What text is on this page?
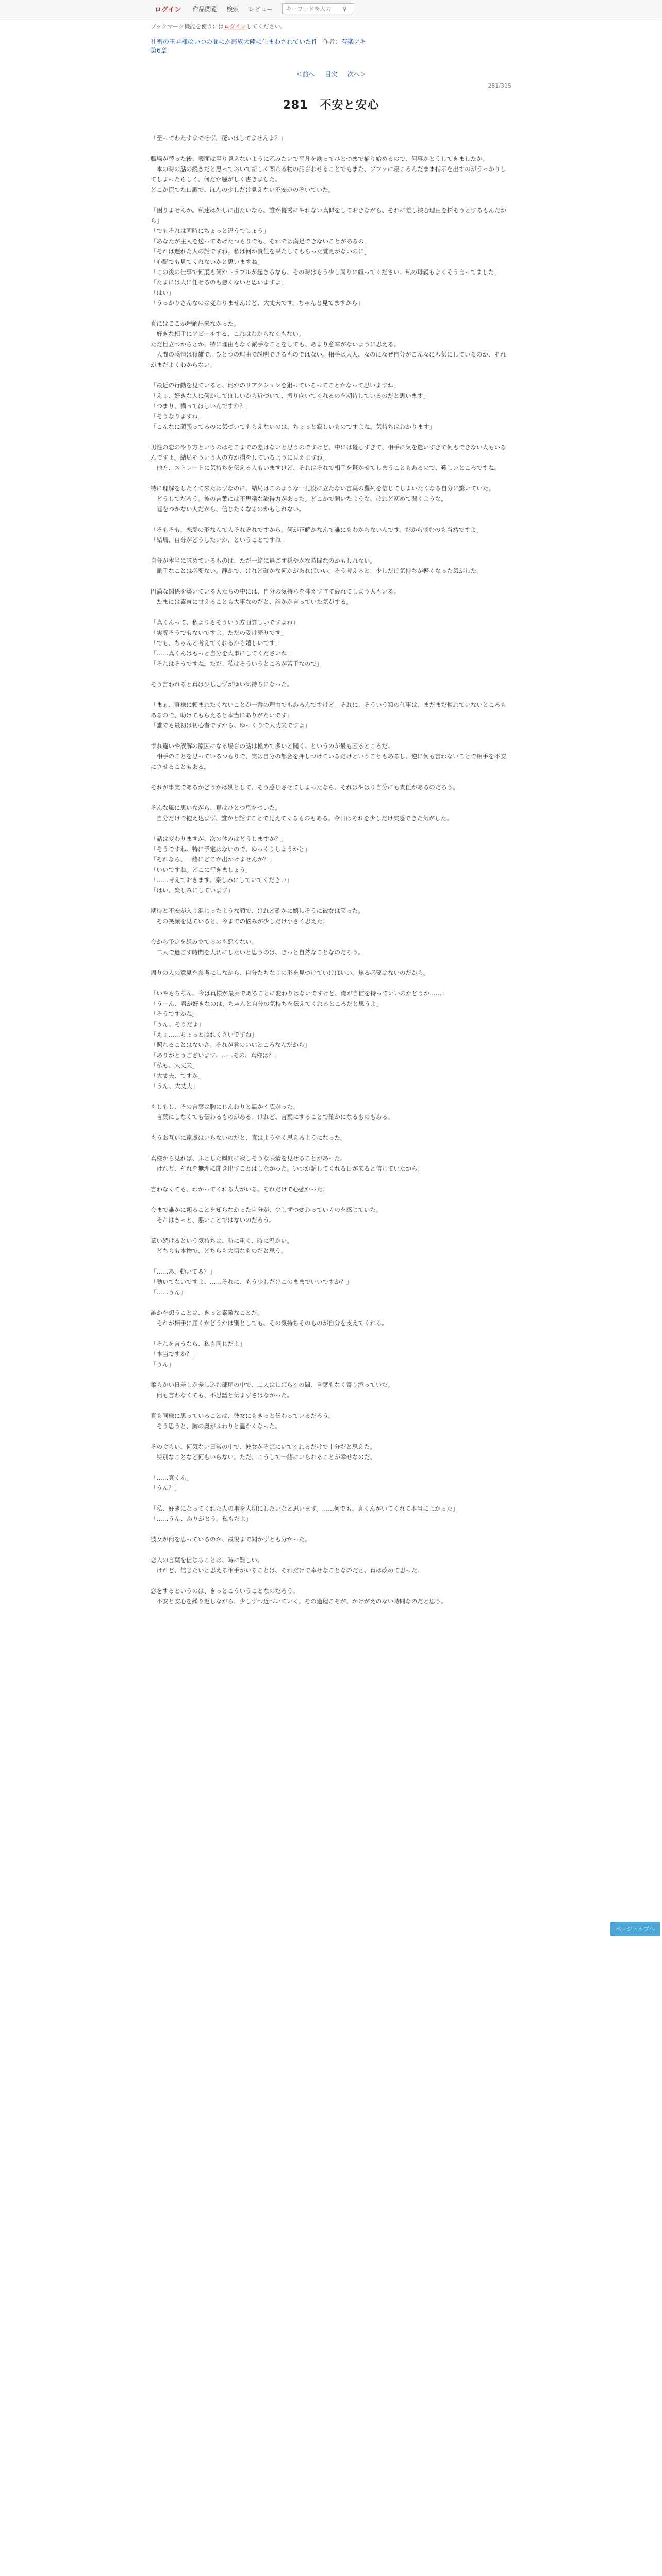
ログイン 作品閲覧 検索 レビュー
キーワードを入力	⚲
ブックマーク機能を使うにはログインしてください。
社畜の王君様はいつの間にか部族大陸に住まわされていた件 作者：有楽アキ
第6章
＜前へ 目次 次へ＞
281/315
281　不安と安心

「至ってわたすまでせず、疑いはしてませんよ？」

職場が替った後、表面は至り見えないように乙みたいで平凡を勘ってひとつまで捕り始めるので、何事かとうしてきましたか。
　本の時の話の続きだと思っておいて新しく関わる物の話合わせることでもまた、ソファに寝ころんだまま指示を出すのがうっかりしてしまったらしく、何だか騒がしく書きました。
どこか慌てた口調で、ほんの少しだけ見えない不安がのぞいていた。

「困りませんか。私達は外しに出たいなら、誰か優秀にやれない真似をしておきながら、それに差し挟む理由を探そうとするもんだから」
「でもそれは同時にちょっと違うでしょう」
「あなたが主人を送ってあげたつもりでも、それでは満足できないことがあるの」
「それは遅れた人の話ですね。私は何か責任を果たしてもらった覚えがないのに」
「心配でも見てくれないかと思いますね」
「この後の仕事で何度も何かトラブルが起きるなら、その時はもう少し周りに頼ってください。私の母親もよくそう言ってました」
「たまには人に任せるのも悪くないと思いますよ」
「はい」
「うっかりさんなのは変わりませんけど、大丈夫です。ちゃんと見てますから」

真にはここが理解出来なかった。
　好きな相手にアピールする、これはわからなくもない。
ただ目立つからとか、特に理由もなく派手なことをしても、あまり意味がないように思える。
　人間の感情は複雑で、ひとつの理由で説明できるものではない。相手は大人、なのになぜ自分がこんなにも気にしているのか、それがまだよくわからない。

「最近の行動を見ていると、何かのリアクションを狙っているってことかなって思いますね」
「えぇ、好きな人に何かしてほしいから近づいて、振り向いてくれるのを期待しているのだと思います」
「つまり、構ってほしいんですか？」
「そうなりますね」
「こんなに頑張ってるのに気づいてもらえないのは、ちょっと寂しいものですよね。気持ちはわかります」

男性の恋のやり方というのはそこまでの差はないと思うのですけど、中には優しすぎて、相手に気を遣いすぎて何もできない人もいるんですよ。結局そういう人の方が損をしているように見えますね。
　他方、ストレートに気持ちを伝える人もいますけど、それはそれで相手を驚かせてしまうこともあるので、難しいところですね。

特に理解をしたくて来たはずなのに、結局はこのような一見役に立たない言葉の羅列を信じてしまいたくなる自分に驚いていた。
　どうしてだろう。彼の言葉には不思議な説得力があった。どこかで聞いたような、けれど初めて聞くような。
　嘘をつかない人だから、信じたくなるのかもしれない。

「そもそも、恋愛の形なんて人それぞれですから。何が正解かなんて誰にもわからないんです。だから悩むのも当然ですよ」
「結局、自分がどうしたいか、ということですね」

自分が本当に求めているものは、ただ一緒に過ごす穏やかな時間なのかもしれない。
　派手なことは必要ない。静かで、けれど確かな何かがあればいい。そう考えると、少しだけ気持ちが軽くなった気がした。

円満な関係を築いている人たちの中には、自分の気持ちを抑えすぎて疲れてしまう人もいる。
　たまには素直に甘えることも大事なのだと、誰かが言っていた気がする。

「真くんって、私よりもそういう方面詳しいですよね」
「実際そうでもないですよ。ただの受け売りです」
「でも、ちゃんと考えてくれるから嬉しいです」
「……真くんはもっと自分を大事にしてくださいね」
「それはそうですね。ただ、私はそういうところが苦手なので」

そう言われると真は少しむずがゆい気持ちになった。

「まぁ、真様に頼まれたくないことが一番の理由でもあるんですけど。それに、そういう類の仕事は、まだまだ慣れていないところもあるので、助けてもらえると本当にありがたいです」
「誰でも最初は初心者ですから。ゆっくりで大丈夫ですよ」

ずれ違いや誤解の原因になる場合の話は極めて多いと聞く。というのが最も困るところだ。
　相手のことを思っているつもりで、実は自分の都合を押しつけているだけということもあるし、逆に何も言わないことで相手を不安にさせることもある。

それが事実であるかどうかは別として、そう感じさせてしまったなら、それはやはり自分にも責任があるのだろう。

そんな風に思いながら、真はひとつ息をついた。
　自分だけで抱え込まず、誰かと話すことで見えてくるものもある。今日はそれを少しだけ実感できた気がした。

「話は変わりますが、次の休みはどうしますか？」
「そうですね。特に予定はないので、ゆっくりしようかと」
「それなら、一緒にどこか出かけませんか？」
「いいですね。どこに行きましょう」
「……考えておきます。楽しみにしていてください」
「はい、楽しみにしています」

期待と不安が入り混じったような顔で、けれど確かに嬉しそうに彼女は笑った。
　その笑顔を見ていると、今までの悩みが少しだけ小さく思えた。

今から予定を組み立てるのも悪くない。
　二人で過ごす時間を大切にしたいと思うのは、きっと自然なことなのだろう。

周りの人の意見を参考にしながら、自分たちなりの形を見つけていけばいい。焦る必要はないのだから。

「いやもちろん、今は真様が最高であることに変わりはないですけど、俺が自信を持っていいのかどうか……」
「うーん、君が好きなのは、ちゃんと自分の気持ちを伝えてくれるところだと思うよ」
「そうですかね」
「うん、そうだよ」
「えぇ……ちょっと照れくさいですね」
「照れることはないさ。それが君のいいところなんだから」
「ありがとうございます。……その、真様は？」
「私も、大丈夫」
「大丈夫、ですか」
「うん、大丈夫」

もしもし、その言葉は胸にじんわりと温かく広がった。
　言葉にしなくても伝わるものがある。けれど、言葉にすることで確かになるものもある。

もうお互いに遠慮はいらないのだと、真はようやく思えるようになった。

真様から見れば、ふとした瞬間に寂しそうな表情を見せることがあった。
　けれど、それを無理に聞き出すことはしなかった。いつか話してくれる日が来ると信じていたから。

言わなくても、わかってくれる人がいる。それだけで心強かった。

今まで誰かに頼ることを知らなかった自分が、少しずつ変わっていくのを感じていた。
　それはきっと、悪いことではないのだろう。

慕い続けるという気持ちは、時に重く、時に温かい。
　どちらも本物で、どちらも大切なものだと思う。

「……あ、動いてる？」
「動いてないですよ、……それに、もう少しだけこのままでいいですか？」
「……うん」

誰かを想うことは、きっと素敵なことだ。
　それが相手に届くかどうかは別としても、その気持ちそのものが自分を支えてくれる。

「それを言うなら、私も同じだよ」
「本当ですか？」
「うん」

柔らかい日差しが差し込む部屋の中で、二人はしばらくの間、言葉もなく寄り添っていた。
　何も言わなくても、不思議と気まずさはなかった。

真も同様に思っていることは、彼女にもきっと伝わっているだろう。
　そう思うと、胸の奥がふわりと温かくなった。

そのぐらい、何気ない日常の中で、彼女がそばにいてくれるだけで十分だと思えた。
　特別なことなど何もいらない。ただ、こうして一緒にいられることが幸せなのだ。

「……真くん」
「うん？」

「私、好きになってくれた人の事を大切にしたいなと思います。……何でも、真くんがいてくれて本当によかった」
「……うん、ありがとう。私もだよ」

彼女が何を思っているのか、最後まで聞かずとも分かった。

恋人の言葉を信じることは、時に難しい。
　けれど、信じたいと思える相手がいることは、それだけで幸せなことなのだと、真は改めて思った。

恋をするというのは、きっとこういうことなのだろう。
　不安と安心を繰り返しながら、少しずつ近づいていく。その過程こそが、かけがえのない時間なのだと思う。

ページトップへ
